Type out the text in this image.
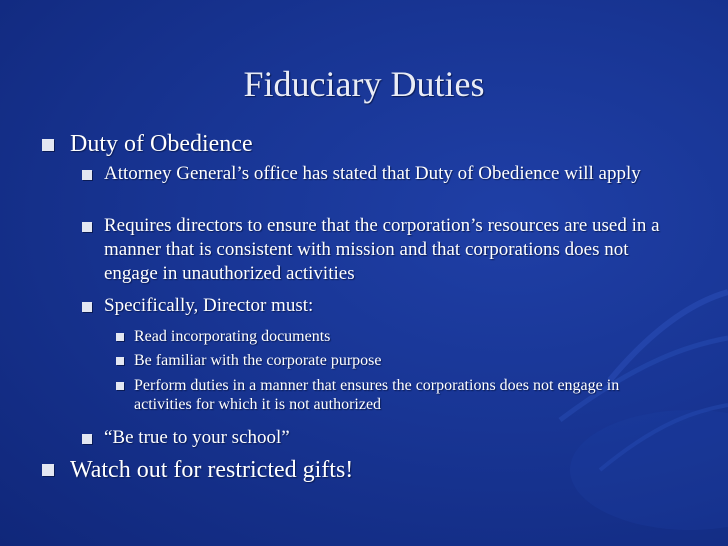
Fiduciary Duties
Duty of Obedience
Attorney General’s office has stated that Duty of Obedience will apply
Requires directors to ensure that the corporation’s resources are used in a manner that is consistent with mission and that corporations does not engage in unauthorized activities
Specifically, Director must:
Read incorporating documents
Be familiar with the corporate purpose
Perform duties in a manner that ensures the corporations does not engage in activities for which it is not authorized
“Be true to your school”
Watch out for restricted gifts!
